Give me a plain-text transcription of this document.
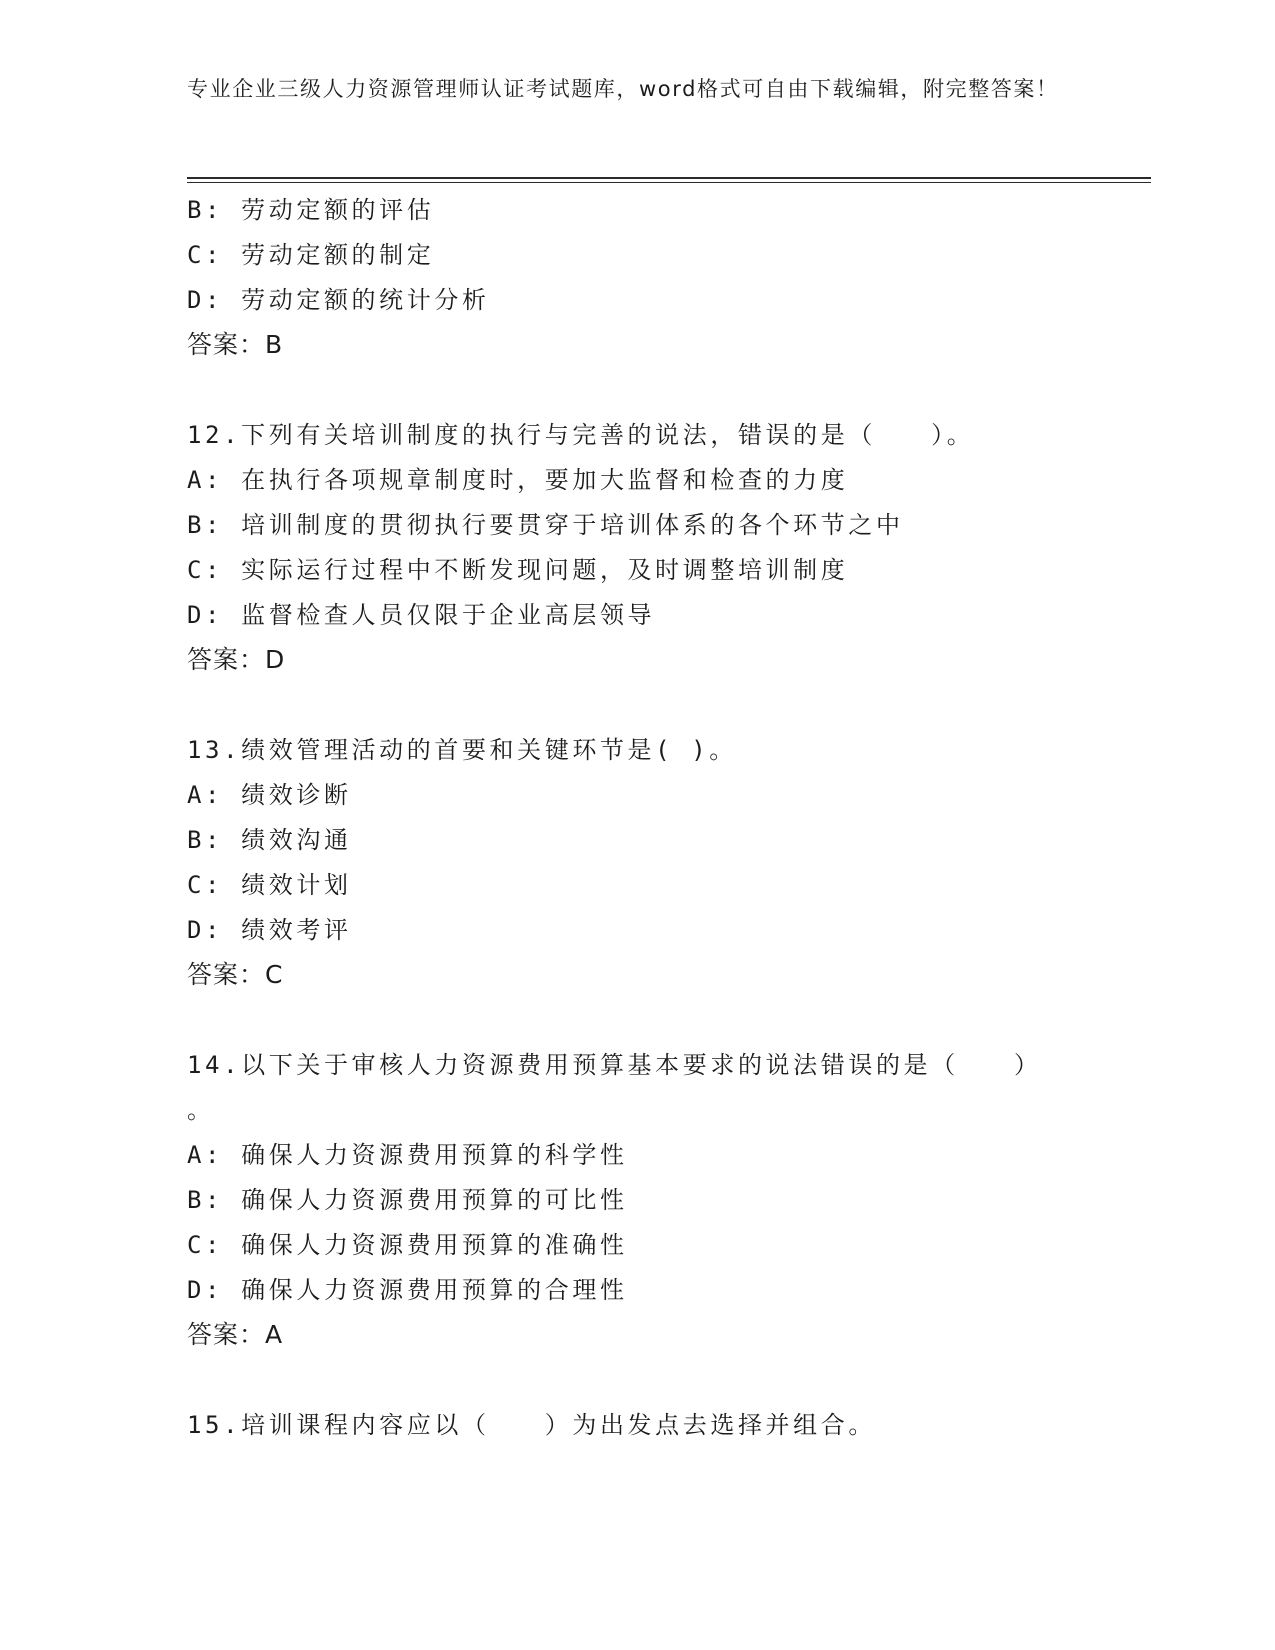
专业企业三级人力资源管理师认证考试题库，word格式可自由下载编辑，附完整答案！
B: 劳动定额的评估
C: 劳动定额的制定
D: 劳动定额的统计分析
答案：B
12.下列有关培训制度的执行与完善的说法，错误的是（　　）。
A: 在执行各项规章制度时，要加大监督和检查的力度
B: 培训制度的贯彻执行要贯穿于培训体系的各个环节之中
C: 实际运行过程中不断发现问题，及时调整培训制度
D: 监督检查人员仅限于企业高层领导
答案：D
13.绩效管理活动的首要和关键环节是( )。
A: 绩效诊断
B: 绩效沟通
C: 绩效计划
D: 绩效考评
答案：C
14.以下关于审核人力资源费用预算基本要求的说法错误的是（　　）
。
A: 确保人力资源费用预算的科学性
B: 确保人力资源费用预算的可比性
C: 确保人力资源费用预算的准确性
D: 确保人力资源费用预算的合理性
答案：A
15.培训课程内容应以（　　）为出发点去选择并组合。
